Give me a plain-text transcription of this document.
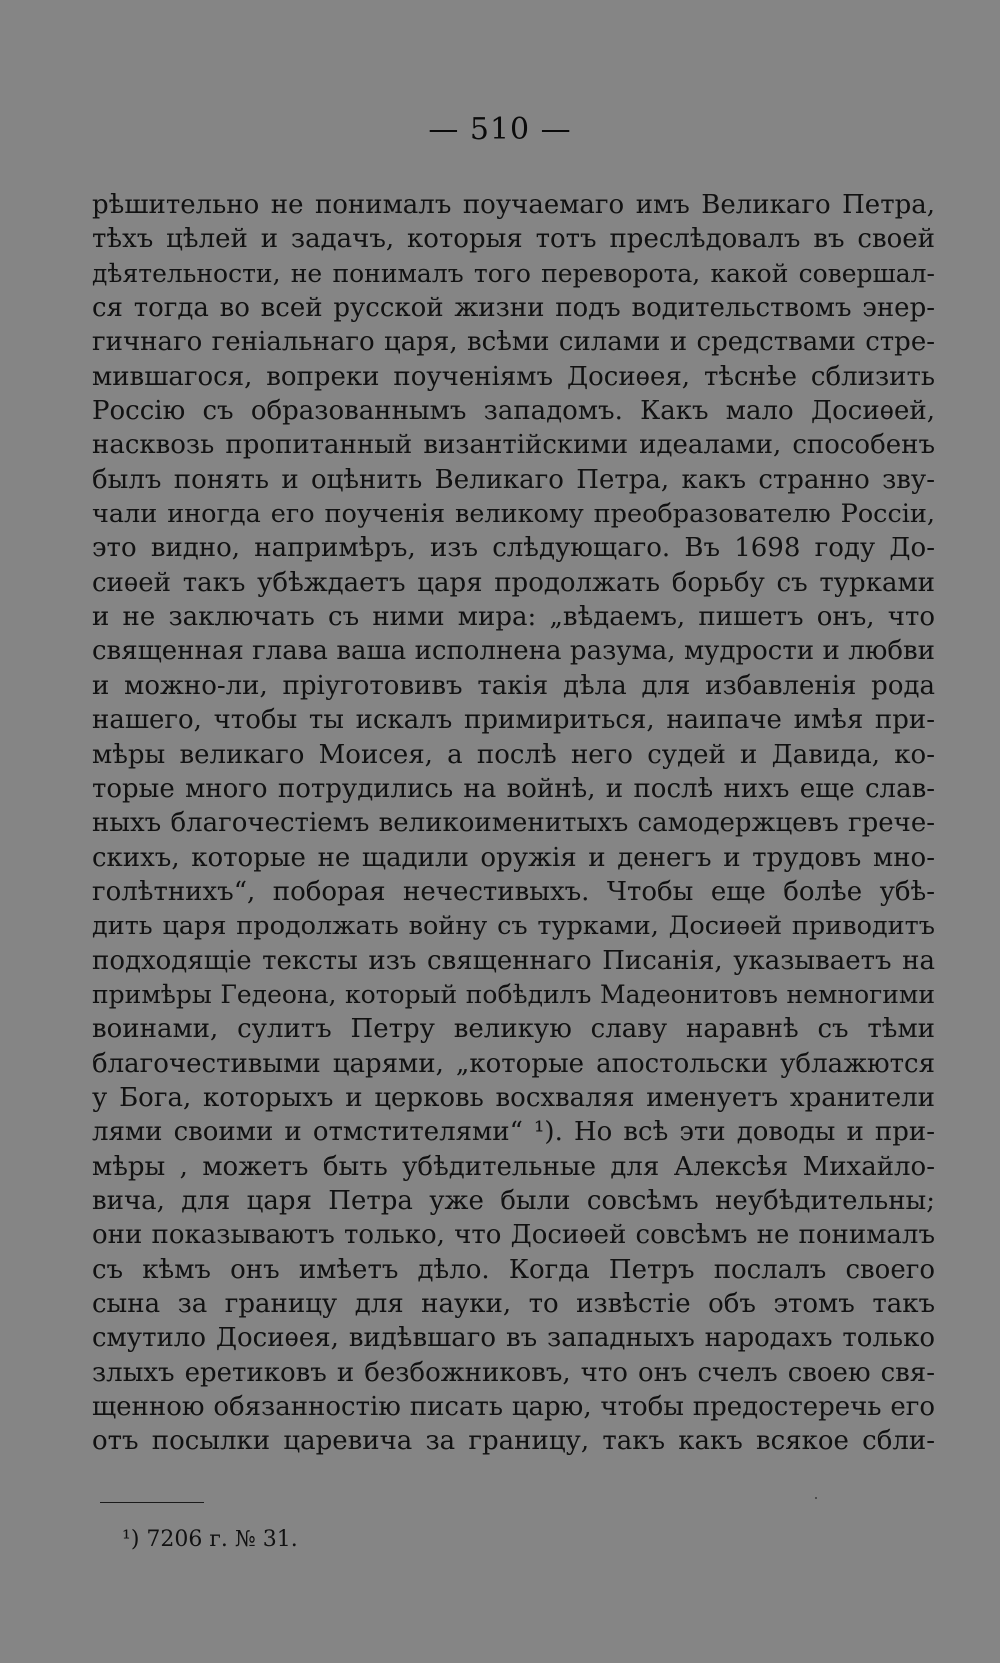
— 510 —
рѣшительно не понималъ поучаемаго имъ Великаго Петра,
тѣхъ цѣлей и задачъ, которыя тотъ преслѣдовалъ въ своей
дѣятельности, не понималъ того переворота, какой совершал-
ся тогда во всей русской жизни подъ водительствомъ энер-
гичнаго геніальнаго царя, всѣми силами и средствами стре-
мившагося, вопреки поученіямъ Досиѳея, тѣснѣе сблизить
Россію съ образованнымъ западомъ. Какъ мало Досиѳей,
насквозь пропитанный византійскими идеалами, способенъ
былъ понять и оцѣнить Великаго Петра, какъ странно зву-
чали иногда его поученія великому преобразователю Россіи,
это видно, напримѣръ, изъ слѣдующаго. Въ 1698 году До-
сиѳей такъ убѣждаетъ царя продолжать борьбу съ турками
и не заключать съ ними мира: „вѣдаемъ, пишетъ онъ, что
священная глава ваша исполнена разума, мудрости и любви
и можно-ли, пріуготовивъ такія дѣла для избавленія рода
нашего, чтобы ты искалъ примириться, наипаче имѣя при-
мѣры великаго Моисея, а послѣ него судей и Давида, ко-
торые много потрудились на войнѣ, и послѣ нихъ еще слав-
ныхъ благочестіемъ великоименитыхъ самодержцевъ грече-
скихъ, которые не щадили оружія и денегъ и трудовъ мно-
голѣтнихъ“, поборая нечестивыхъ. Чтобы еще болѣе убѣ-
дить царя продолжать войну съ турками, Досиѳей приводитъ
подходящіе тексты изъ священнаго Писанія, указываетъ на
примѣры Гедеона, который побѣдилъ Мадеонитовъ немногими
воинами, сулитъ Петру великую славу наравнѣ съ тѣми
благочестивыми царями, „которые апостольски ублажются
у Бога, которыхъ и церковь восхваляя именуетъ хранители
лями своими и отмстителями“ ¹). Но всѣ эти доводы и при-
мѣры , можетъ быть убѣдительные для Алексѣя Михайло-
вича, для царя Петра уже были совсѣмъ неубѣдительны;
они показываютъ только, что Досиѳей совсѣмъ не понималъ
съ кѣмъ онъ имѣетъ дѣло. Когда Петръ послалъ своего
сына за границу для науки, то извѣстіе объ этомъ такъ
смутило Досиѳея, видѣвшаго въ западныхъ народахъ только
злыхъ еретиковъ и безбожниковъ, что онъ счелъ своею свя-
щенною обязанностію писать царю, чтобы предостеречь его
отъ посылки царевича за границу, такъ какъ всякое сбли-
¹) 7206 г. № 31.
